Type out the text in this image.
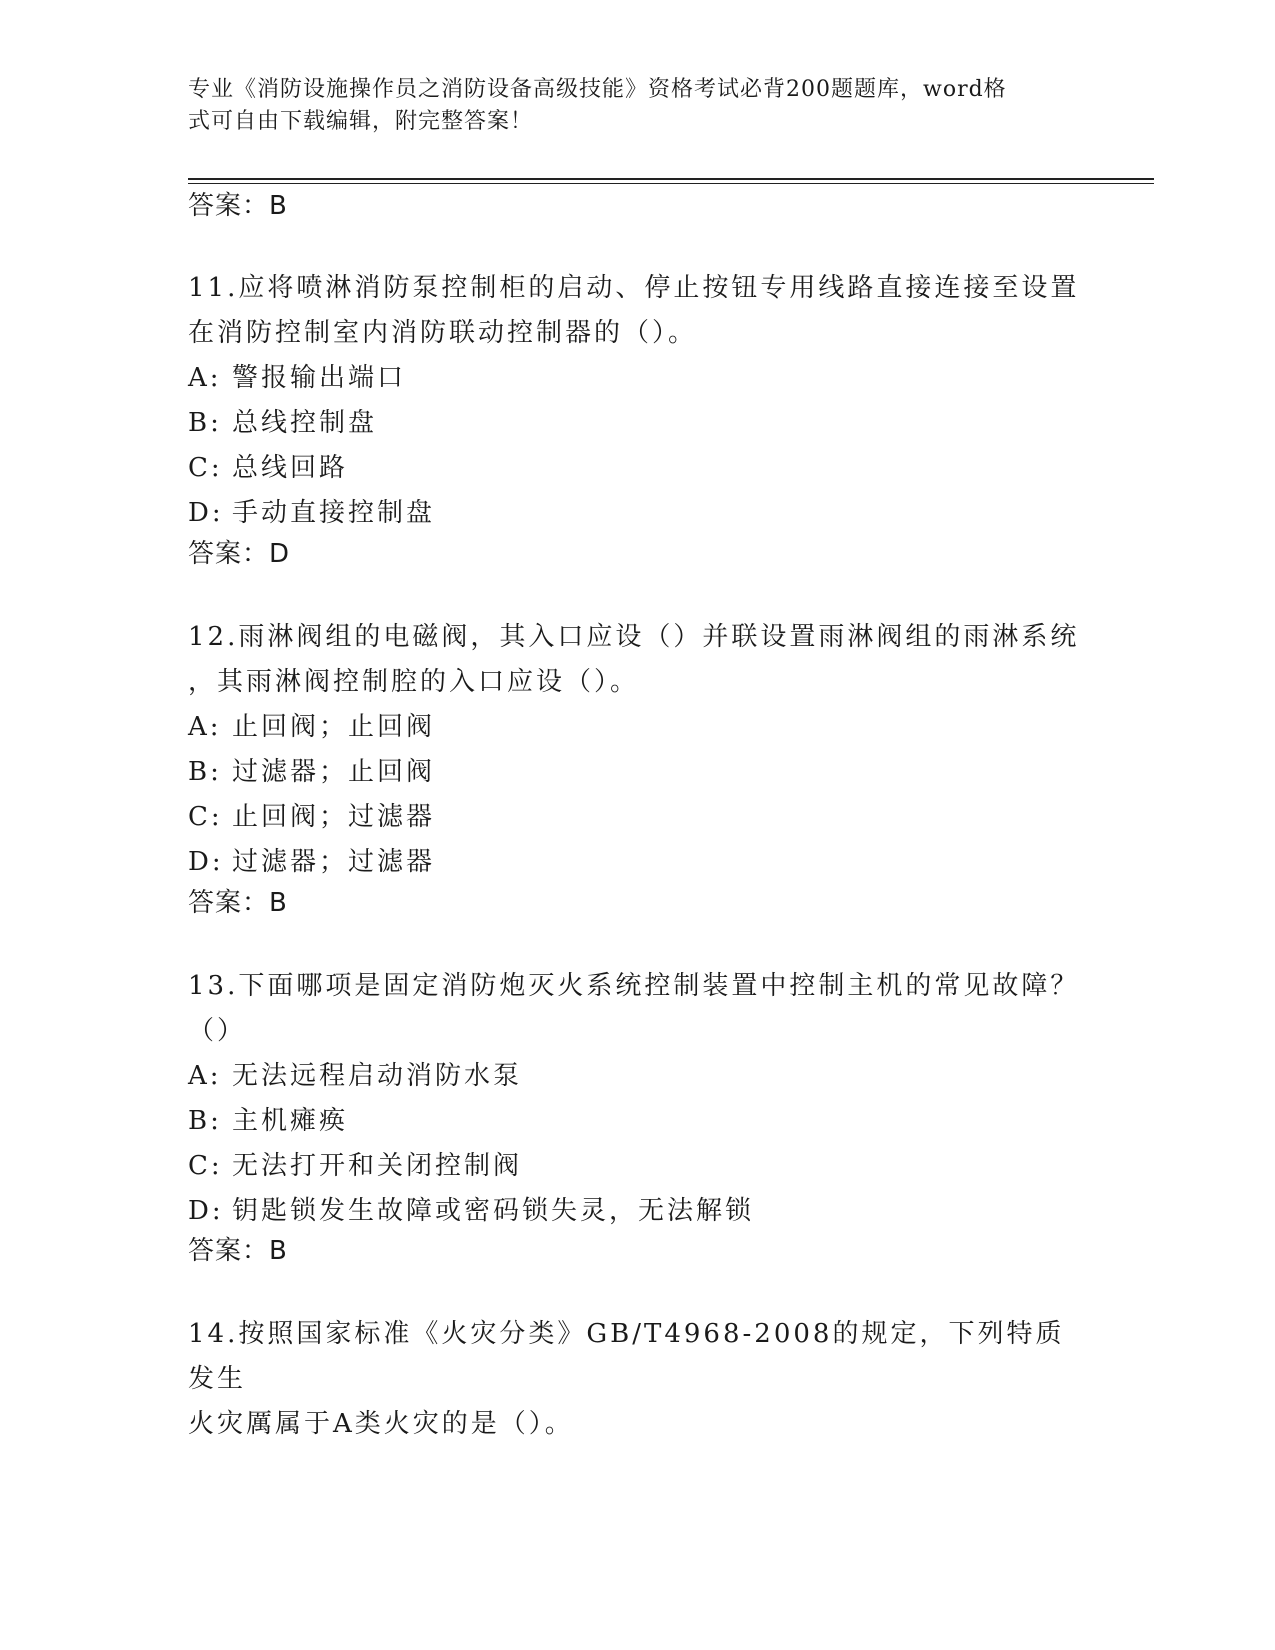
专业《消防设施操作员之消防设备高级技能》资格考试必背200题题库，word格
式可自由下载编辑，附完整答案！
答案：B
11.应将喷淋消防泵控制柜的启动、停止按钮专用线路直接连接至设置
在消防控制室内消防联动控制器的（）。
A: 警报输出端口
B: 总线控制盘
C: 总线回路
D: 手动直接控制盘
答案：D
12.雨淋阀组的电磁阀，其入口应设（）并联设置雨淋阀组的雨淋系统
，其雨淋阀控制腔的入口应设（）。
A: 止回阀；止回阀
B: 过滤器；止回阀
C: 止回阀；过滤器
D: 过滤器；过滤器
答案：B
13.下面哪项是固定消防炮灭火系统控制装置中控制主机的常见故障？
（）
A: 无法远程启动消防水泵
B: 主机瘫痪
C: 无法打开和关闭控制阀
D: 钥匙锁发生故障或密码锁失灵，无法解锁
答案：B
14.按照国家标准《火灾分类》GB/T4968-2008的规定，下列特质发生
火灾厲属于A类火灾的是（）。
